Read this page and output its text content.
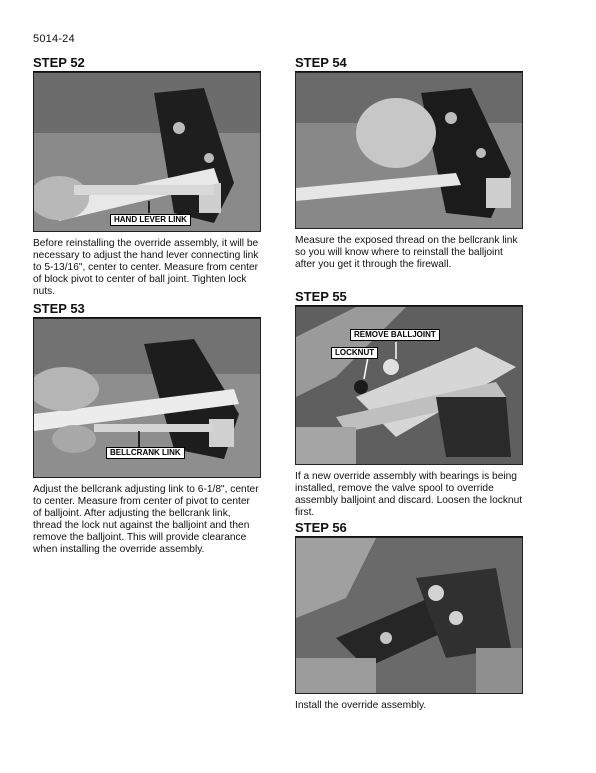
5014-24
STEP 52
HAND LEVER LINK
Before reinstalling the override assembly, it will be necessary to adjust the hand lever connecting link to 5-13/16", center to center. Measure from center of block pivot to center of ball joint. Tighten lock nuts.
STEP 53
BELLCRANK LINK
Adjust the bellcrank adjusting link to 6-1/8", center to center. Measure from center of pivot to center of balljoint. After adjusting the bellcrank link, thread the lock nut against the balljoint and then remove the balljoint. This will provide clearance when installing the override assembly.
STEP 54
Measure the exposed thread on the bellcrank link so you will know where to reinstall the balljoint after you get it through the firewall.
STEP 55
REMOVE BALLJOINT
LOCKNUT
If a new override assembly with bearings is being installed, remove the valve spool to override assembly balljoint and discard. Loosen the locknut first.
STEP 56
Install the override assembly.
